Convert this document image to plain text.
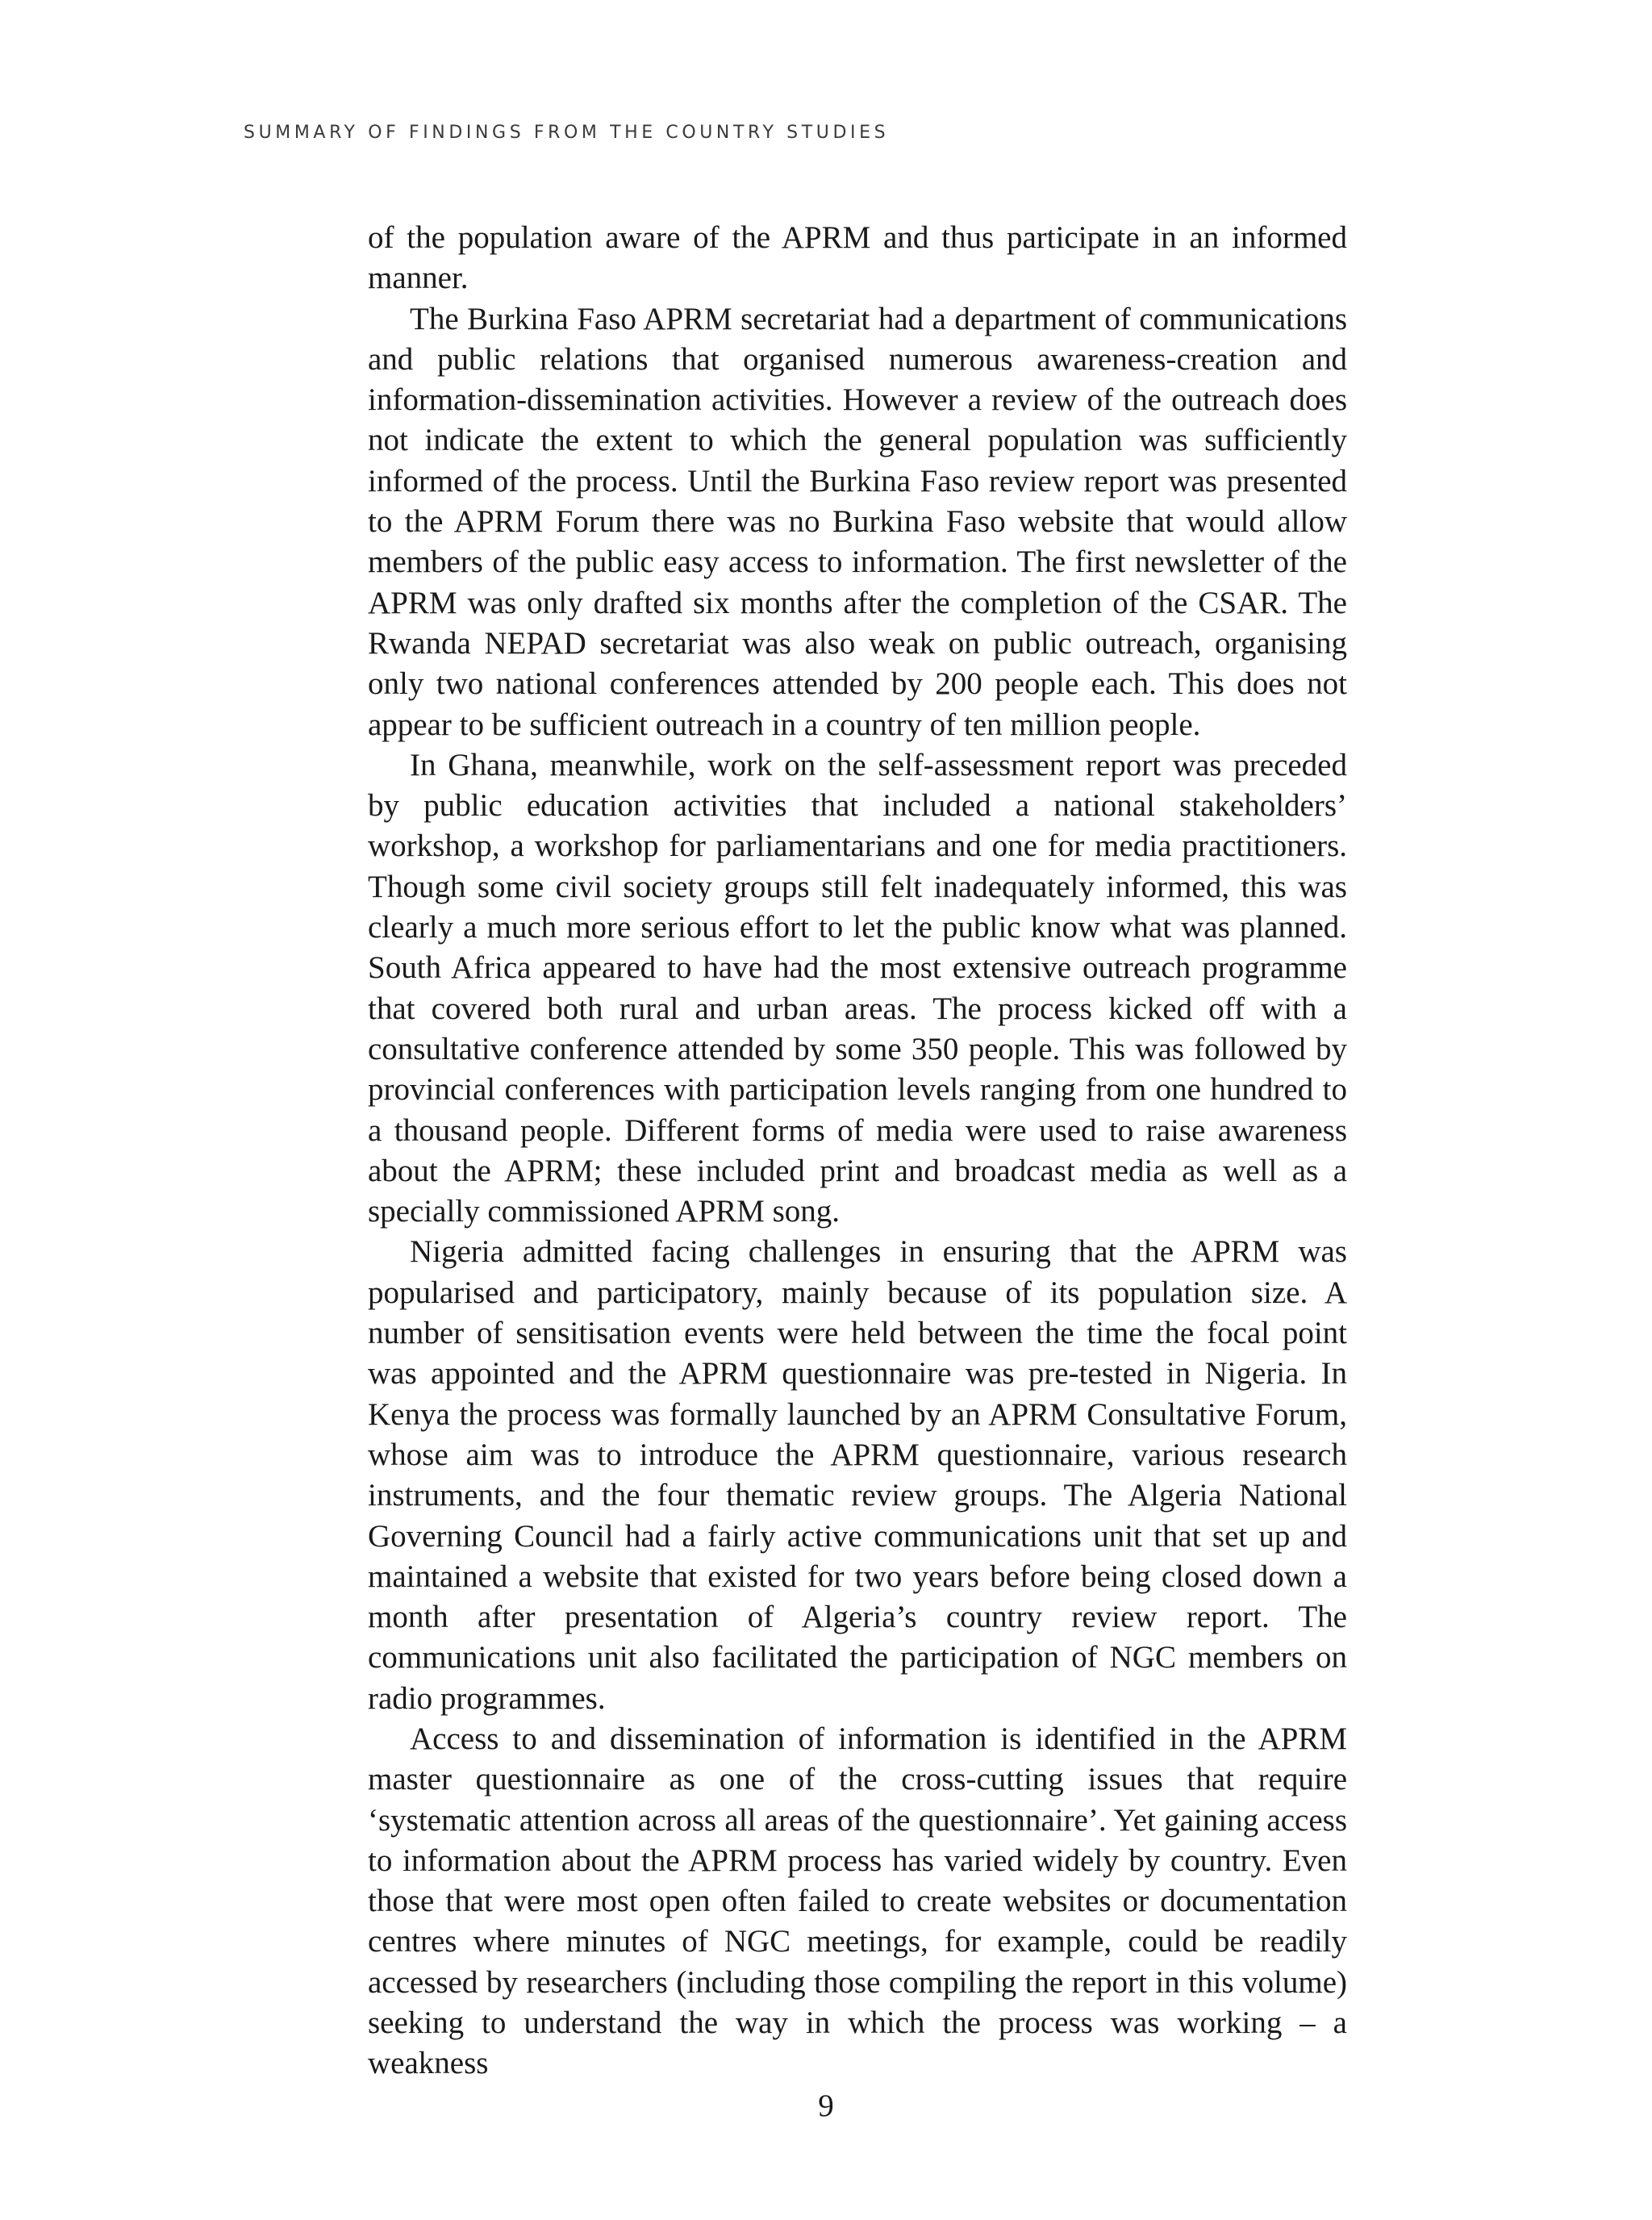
SUMMARY OF FINDINGS FROM THE COUNTRY STUDIES

of the population aware of the APRM and thus participate in an informed manner.

The Burkina Faso APRM secretariat had a department of communications and public relations that organised numerous awareness-creation and information-dissemination activities. However a review of the outreach does not indicate the extent to which the general population was sufficiently informed of the process. Until the Burkina Faso review report was presented to the APRM Forum there was no Burkina Faso website that would allow members of the public easy access to information. The first newsletter of the APRM was only drafted six months after the completion of the CSAR. The Rwanda NEPAD secretariat was also weak on public outreach, organising only two national conferences attended by 200 people each. This does not appear to be sufficient outreach in a country of ten million people.

In Ghana, meanwhile, work on the self-assessment report was preceded by public education activities that included a national stakeholders’ workshop, a workshop for parliamentarians and one for media practitioners. Though some civil society groups still felt inadequately informed, this was clearly a much more serious effort to let the public know what was planned. South Africa appeared to have had the most extensive outreach programme that covered both rural and urban areas. The process kicked off with a consultative conference attended by some 350 people. This was followed by provincial conferences with participation levels ranging from one hundred to a thousand people. Different forms of media were used to raise awareness about the APRM; these included print and broadcast media as well as a specially commissioned APRM song.

Nigeria admitted facing challenges in ensuring that the APRM was popularised and participatory, mainly because of its population size. A number of sensitisation events were held between the time the focal point was appointed and the APRM questionnaire was pre-tested in Nigeria. In Kenya the process was formally launched by an APRM Consultative Forum, whose aim was to introduce the APRM questionnaire, various research instruments, and the four thematic review groups. The Algeria National Governing Council had a fairly active communications unit that set up and maintained a website that existed for two years before being closed down a month after presentation of Algeria’s country review report. The communications unit also facilitated the participation of NGC members on radio programmes.

Access to and dissemination of information is identified in the APRM master questionnaire as one of the cross-cutting issues that require ‘systematic attention across all areas of the questionnaire’. Yet gaining access to information about the APRM process has varied widely by country. Even those that were most open often failed to create websites or documentation centres where minutes of NGC meetings, for example, could be readily accessed by researchers (including those compiling the report in this volume) seeking to understand the way in which the process was working – a weakness

9
